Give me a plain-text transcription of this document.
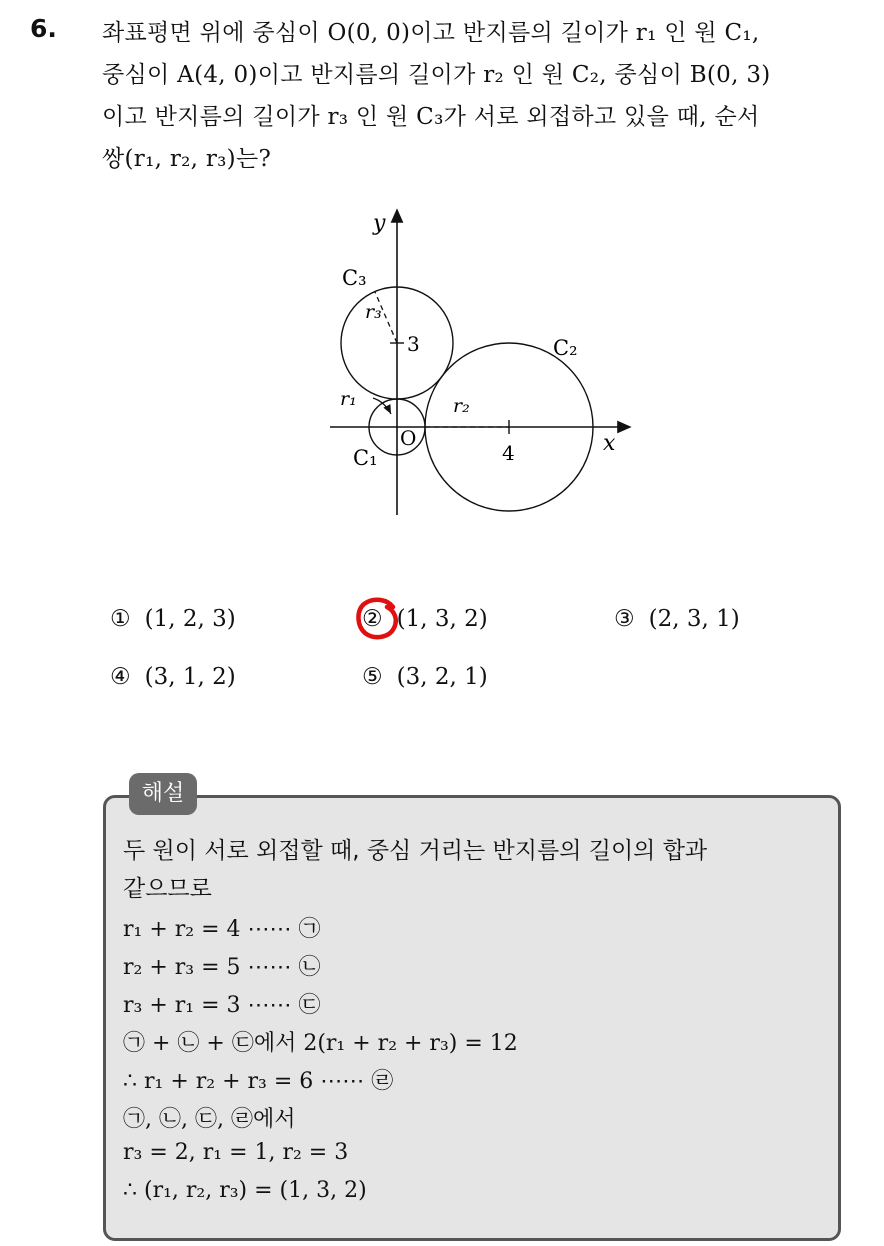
6. 좌표평면 위에 중심이 O(0, 0)이고 반지름의 길이가 r₁ 인 원 C₁,
중심이 A(4, 0)이고 반지름의 길이가 r₂ 인 원 C₂, 중심이 B(0, 3)
이고 반지름의 길이가 r₃ 인 원 C₃가 서로 외접하고 있을 때, 순서
쌍(r₁, r₂, r₃)는?
y
x
O
4
3
C₃
C₂
C₁
r₃
r₂
r₁
① (1, 2, 3)	② (1, 3, 2)	③ (2, 3, 1)
④ (3, 1, 2)	⑤ (3, 2, 1)
해설
두 원이 서로 외접할 때, 중심 거리는 반지름의 길이의 합과
같으므로
r₁ + r₂ = 4 ⋯⋯ ㉠
r₂ + r₃ = 5 ⋯⋯ ㉡
r₃ + r₁ = 3 ⋯⋯ ㉢
㉠ + ㉡ + ㉢에서 2(r₁ + r₂ + r₃) = 12
∴ r₁ + r₂ + r₃ = 6 ⋯⋯ ㉣
㉠, ㉡, ㉢, ㉣에서
r₃ = 2, r₁ = 1, r₂ = 3
∴ (r₁, r₂, r₃) = (1, 3, 2)
